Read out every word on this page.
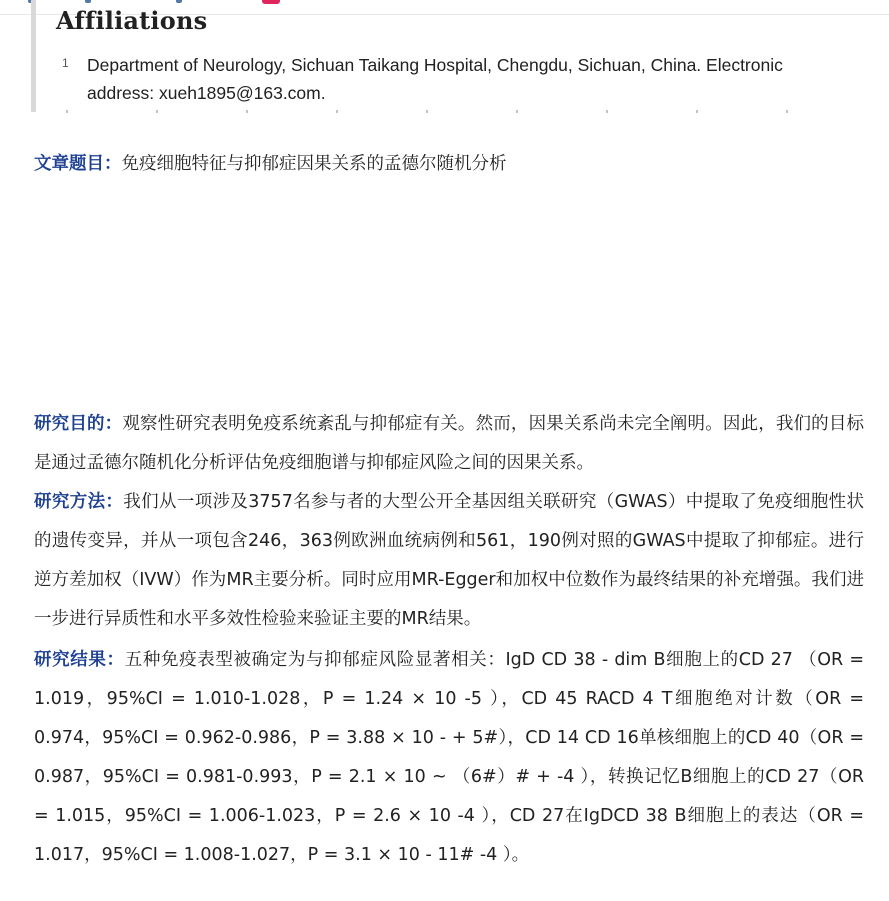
Affiliations
1 Department of Neurology, Sichuan Taikang Hospital, Chengdu, Sichuan, China. Electronic address: xueh1895@163.com.

文章题目：免疫细胞特征与抑郁症因果关系的孟德尔随机分析

研究目的：观察性研究表明免疫系统紊乱与抑郁症有关。然而，因果关系尚未完全阐明。因此，我们的目标是通过孟德尔随机化分析评估免疫细胞谱与抑郁症风险之间的因果关系。

研究方法：我们从一项涉及3757名参与者的大型公开全基因组关联研究（GWAS）中提取了免疫细胞性状的遗传变异，并从一项包含246，363例欧洲血统病例和561，190例对照的GWAS中提取了抑郁症。进行逆方差加权（IVW）作为MR主要分析。同时应用MR-Egger和加权中位数作为最终结果的补充增强。我们进一步进行异质性和水平多效性检验来验证主要的MR结果。

研究结果：五种免疫表型被确定为与抑郁症风险显著相关：IgD CD 38 - dim B细胞上的CD 27 （OR = 1.019，95%CI = 1.010-1.028，P = 1.24 × 10 -5 ），CD 45 RACD 4 T细胞绝对计数（OR = 0.974，95%CI = 0.962-0.986，P = 3.88 × 10 - + 5#），CD 14 CD 16单核细胞上的CD 40（OR = 0.987，95%CI = 0.981-0.993，P = 2.1 × 10 ~ （6#）# + -4 ），转换记忆B细胞上的CD 27（OR = 1.015，95%CI = 1.006-1.023，P = 2.6 × 10 -4 ），CD 27在IgDCD 38 B细胞上的表达（OR = 1.017，95%CI = 1.008-1.027，P = 3.1 × 10 - 11# -4 ）。
